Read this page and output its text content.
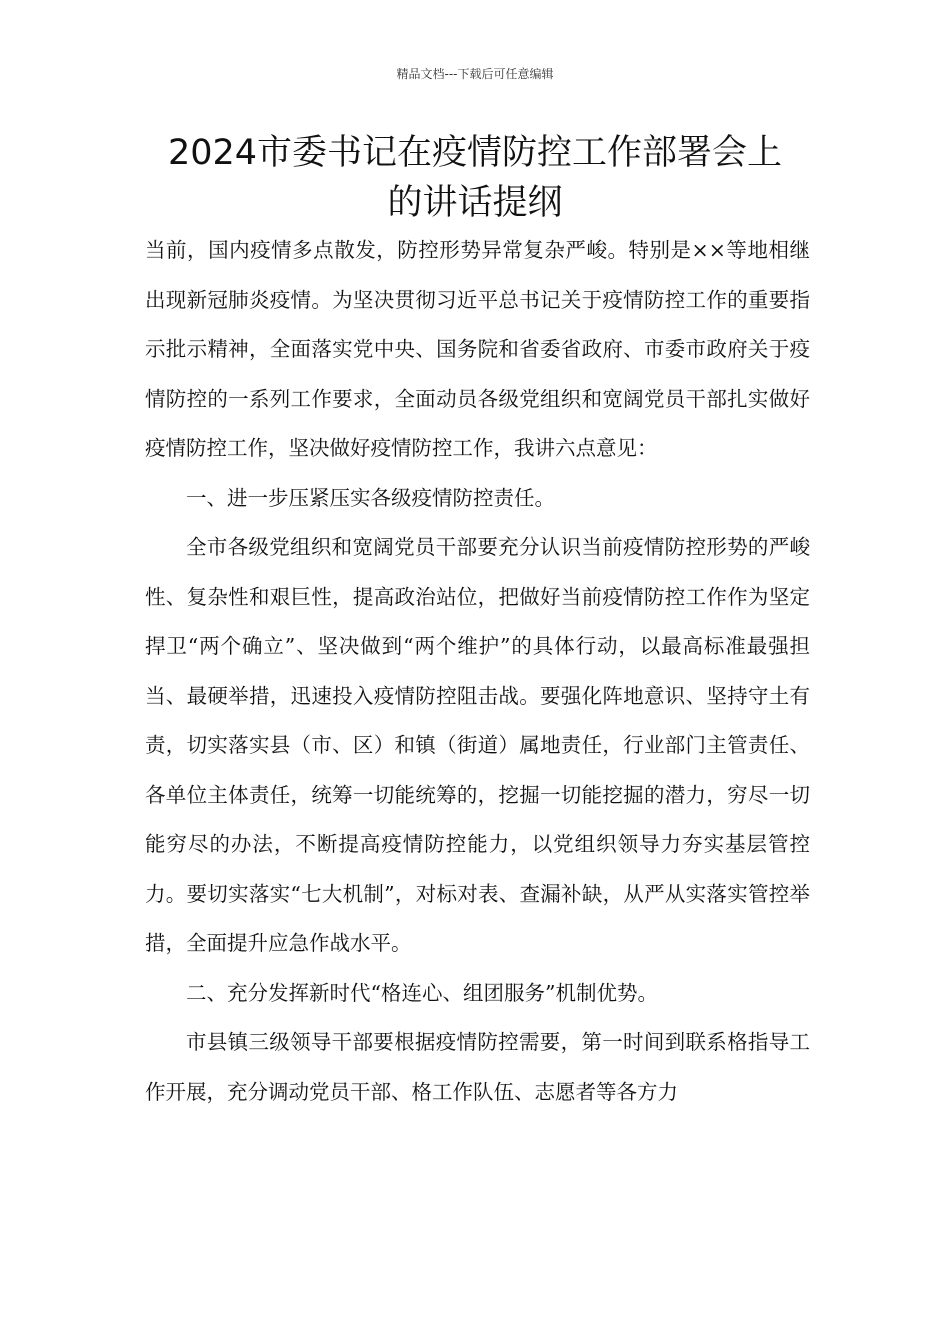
精品文档---下载后可任意编辑
2024市委书记在疫情防控工作部署会上
的讲话提纲

当前，国内疫情多点散发，防控形势异常复杂严峻。特别是××等地相继出现新冠肺炎疫情。为坚决贯彻习近平总书记关于疫情防控工作的重要指示批示精神，全面落实党中央、国务院和省委省政府、市委市政府关于疫情防控的一系列工作要求，全面动员各级党组织和宽阔党员干部扎实做好疫情防控工作，坚决做好疫情防控工作，我讲六点意见：

一、进一步压紧压实各级疫情防控责任。

全市各级党组织和宽阔党员干部要充分认识当前疫情防控形势的严峻性、复杂性和艰巨性，提高政治站位，把做好当前疫情防控工作作为坚定捍卫“两个确立”、坚决做到“两个维护”的具体行动，以最高标准最强担当、最硬举措，迅速投入疫情防控阻击战。要强化阵地意识、坚持守土有责，切实落实县（市、区）和镇（街道）属地责任，行业部门主管责任、各单位主体责任，统筹一切能统筹的，挖掘一切能挖掘的潜力，穷尽一切能穷尽的办法，不断提高疫情防控能力，以党组织领导力夯实基层管控力。要切实落实“七大机制”，对标对表、查漏补缺，从严从实落实管控举措，全面提升应急作战水平。

二、充分发挥新时代“格连心、组团服务”机制优势。

市县镇三级领导干部要根据疫情防控需要，第一时间到联系格指导工作开展，充分调动党员干部、格工作队伍、志愿者等各方力
